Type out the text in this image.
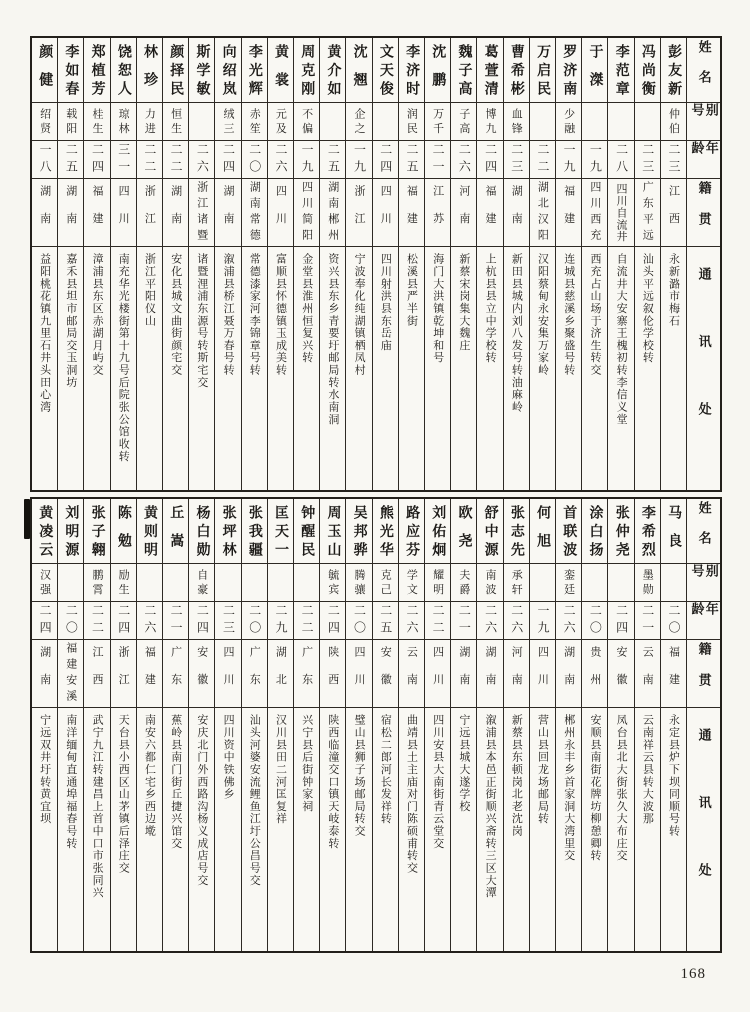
姓名
别号
年龄
籍贯
通讯处
彭友新
仲伯
二三
江西
永新潞市梅石
冯尚衡
二三
广东平远
汕头平远叙伦学校转
李范章
二八
四川自流井
自流井大安寨王槐初转李信义堂
于滐
一九
四川西充
西充占山场于济生转交
罗济南
少融
一九
福建
连城县慈溪乡聚盛号转
万启民
二二
湖北汉阳
汉阳蔡甸永安集万家岭
曹希彬
血锋
二三
湖南
新田县城内刘八发号转油麻岭
葛萱清
博九
二四
福建
上杭县县立中学校转
魏子高
子高
二六
河南
新蔡宋岗集大魏庄
沈鹏
万千
二一
江苏
海门大洪镇乾坤和号
李济时
润民
二五
福建
松溪县严半街
文天俊
二四
四川
四川射洪县东岳庙
沈翘
企之
一九
浙江
宁波奉化纯湖镇栖凤村
黄介如
二五
湖南郴州
资兴县东乡青要圩邮局转水南洞
周克刚
不偏
一九
四川简阳
金堂县淮州恒复兴转
黄裳
元及
二六
四川
富顺县怀德镇玉成美转
李光辉
赤笙
二〇
湖南常德
常德漆家河李锦章号转
向绍岚
绒三
二四
湖南
溆浦县桥江聂万春号转
斯学敏
二六
浙江诸暨
诸暨浬浦东源号转斯宅交
颜择民
恒生
二二
湖南
安化县城文曲街颜宅交
林珍
力进
二二
浙江
浙江平阳仪山
饶恕人
琼林
三一
四川
南充华光楼街第十九号后院张公馆收转
郑植芳
桂生
二四
福建
漳浦县东区赤湖月屿交
李如春
载阳
二五
湖南
嘉禾县坦市邮局交玉洞坊
颜健
绍贤
一八
湖南
益阳桃花镇九里石井头田心湾
姓名
别号
年龄
籍贯
通讯处
马良
二〇
福建
永定县炉下坝同顺号转
李希烈
墨勋
二一
云南
云南祥云县转大波那
张仲尧
二四
安徽
凤台县北大街张久大布庄交
涂白扬
二〇
贵州
安顺县南街花牌坊柳憩卿转
首联波
銮廷
二六
湖南
郴州永丰乡首家洞大湾里交
何旭
一九
四川
营山县回龙场邮局转
张志先
承轩
二六
河南
新蔡县东顿岗北老沈岗
舒中源
南波
二六
湖南
溆浦县本邑正街顺兴斋转三区大潭
欧尧
夫爵
二一
湖南
宁远县城大遂学校
刘佑炯
耀明
二二
四川
四川安县大南街青云堂交
路应芬
学文
二六
云南
曲靖县土主庙对门陈硕甫转交
熊光华
克己
二五
安徽
宿松二郎河长发祥转
吴邦骅
腾骧
二〇
四川
璧山县狮子场邮局转交
周玉山
毓宾
二四
陕西
陕西临潼交口镇天岐泰转
钟醒民
二二
广东
兴宁县后街钟家祠
匡天一
二九
湖北
汉川县田二河匡复祥
张我疆
二〇
广东
汕头河婆安流鲤鱼江圩公昌号交
张坪林
二三
四川
四川资中铁佛乡
杨白勋
自豪
二四
安徽
安庆北门外西路沟杨义成店号交
丘嵩
二一
广东
蕉岭县南门街丘捷兴馆交
黄则明
二六
福建
南安六都仁宅乡西边墘
陈勉
励生
二四
浙江
天台县小西区山茅镇后泽庄交
张子翱
鹏霄
二二
江西
武宁九江转建昌上首中口市张同兴
刘明源
二〇
福建安溪
南洋缅甸直通埠福春号转
黄凌云
汉强
二四
湖南
宁远双井圩转黄宜坝
168
